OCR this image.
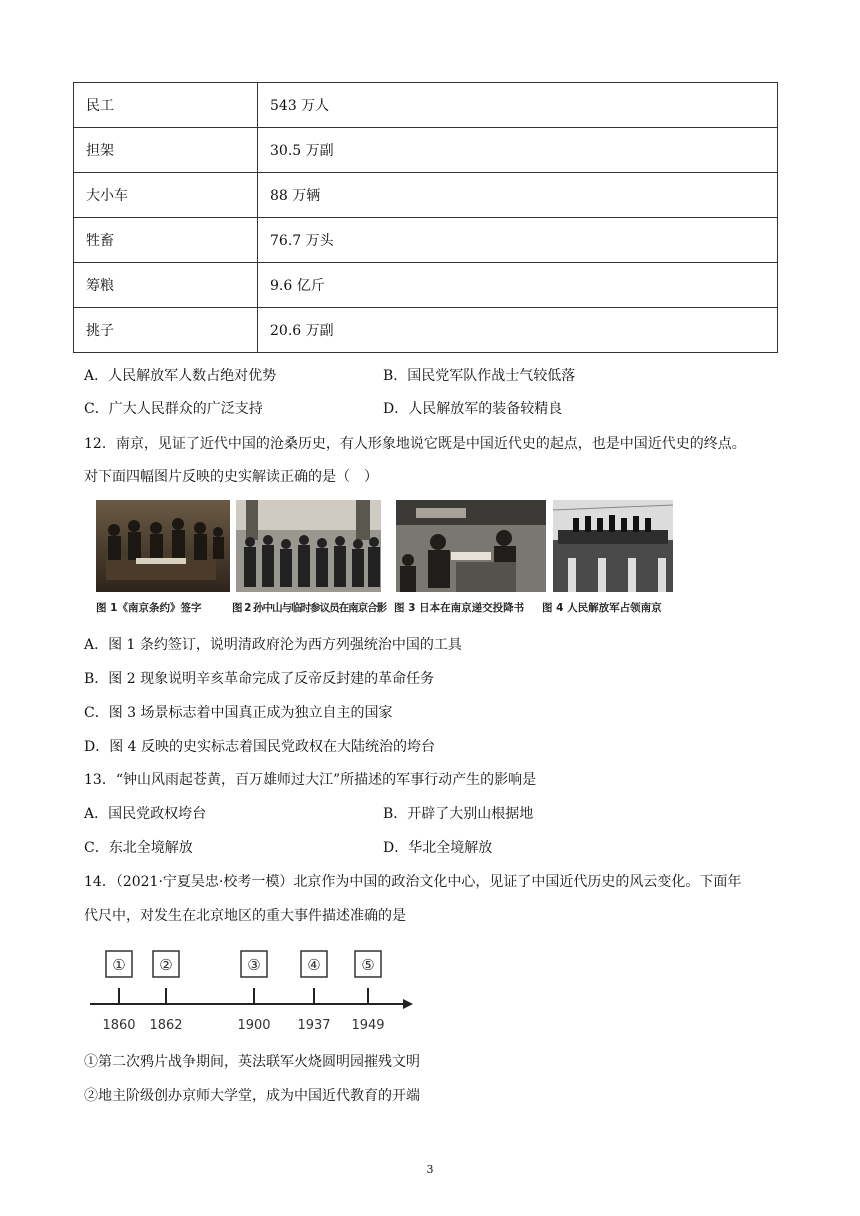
民工	543 万人
担架	30.5 万副
大小车	88 万辆
牲畜	76.7 万头
筹粮	9.6 亿斤
挑子	20.6 万副
A．人民解放军人数占绝对优势	B．国民党军队作战士气较低落
C．广大人民群众的广泛支持	D．人民解放军的装备较精良
12．南京，见证了近代中国的沧桑历史，有人形象地说它既是中国近代史的起点，也是中国近代史的终点。
对下面四幅图片反映的史实解读正确的是（　）
图 1《南京条约》签字	图 2 孙中山与临时参议员在南京合影 图 3 日本在南京递交投降书 图 4 人民解放军占领南京
A．图 1 条约签订，说明清政府沦为西方列强统治中国的工具
B．图 2 现象说明辛亥革命完成了反帝反封建的革命任务
C．图 3 场景标志着中国真正成为独立自主的国家
D．图 4 反映的史实标志着国民党政权在大陆统治的垮台
13．“钟山风雨起苍黄，百万雄师过大江”所描述的军事行动产生的影响是
A．国民党政权垮台	B．开辟了大别山根据地
C．东北全境解放	D．华北全境解放
14．（2021·宁夏吴忠·校考一模）北京作为中国的政治文化中心，见证了中国近代历史的风云变化。下面年
代尺中，对发生在北京地区的重大事件描述准确的是
①
1860
②
1862
③
1900
④
1937
⑤
1949
①第二次鸦片战争期间，英法联军火烧圆明园摧残文明
②地主阶级创办京师大学堂，成为中国近代教育的开端
3
